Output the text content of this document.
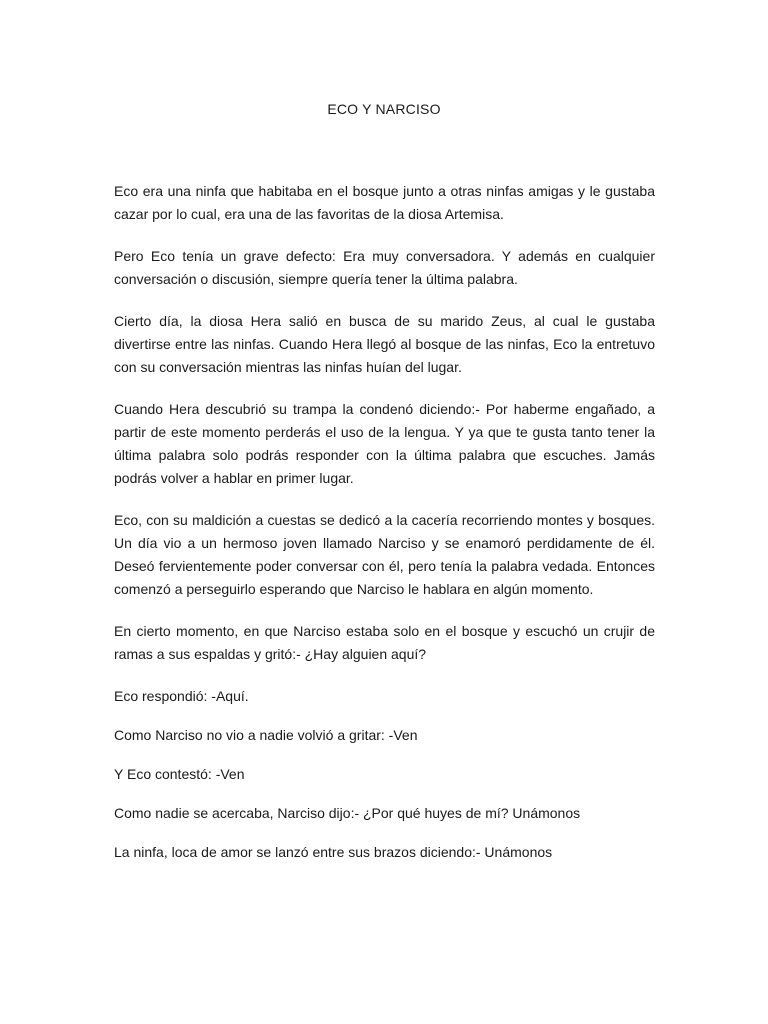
ECO Y NARCISO

Eco era una ninfa que habitaba en el bosque junto a otras ninfas amigas y le gustaba cazar por lo cual, era una de las favoritas de la diosa Artemisa.

Pero Eco tenía un grave defecto: Era muy conversadora. Y además en cualquier conversación o discusión, siempre quería tener la última palabra.

Cierto día, la diosa Hera salió en busca de su marido Zeus, al cual le gustaba divertirse entre las ninfas. Cuando Hera llegó al bosque de las ninfas, Eco la entretuvo con su conversación mientras las ninfas huían del lugar.

Cuando Hera descubrió su trampa la condenó diciendo:- Por haberme engañado, a partir de este momento perderás el uso de la lengua. Y ya que te gusta tanto tener la última palabra solo podrás responder con la última palabra que escuches. Jamás podrás volver a hablar en primer lugar.

Eco, con su maldición a cuestas se dedicó a la cacería recorriendo montes y bosques. Un día vio a un hermoso joven llamado Narciso y se enamoró perdidamente de él. Deseó fervientemente poder conversar con él, pero tenía la palabra vedada. Entonces comenzó a perseguirlo esperando que Narciso le hablara en algún momento.

En cierto momento, en que Narciso estaba solo en el bosque y escuchó un crujir de ramas a sus espaldas y gritó:- ¿Hay alguien aquí?

Eco respondió: -Aquí.

Como Narciso no vio a nadie volvió a gritar: -Ven

Y Eco contestó: -Ven

Como nadie se acercaba, Narciso dijo:- ¿Por qué huyes de mí? Unámonos

La ninfa, loca de amor se lanzó entre sus brazos diciendo:- Unámonos
